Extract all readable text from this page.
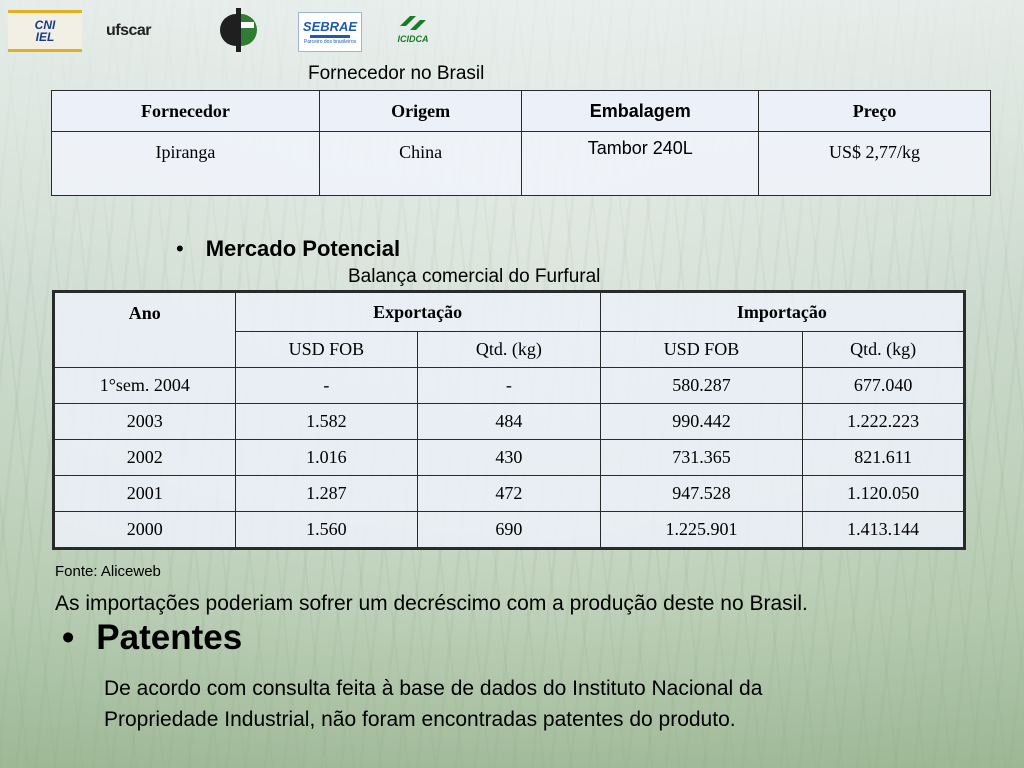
CNI
IEL	ufscar	SEBRAE
Parceiro dos brasileiros	ICIDCA
Fornecedor no Brasil
Fornecedor	Origem	Embalagem	Preço
Ipiranga	China	Tambor 240L	US$ 2,77/kg
• Mercado Potencial
Balança comercial do Furfural
Ano	Exportação		Importação	
	USD FOB	Qtd. (kg)	USD FOB	Qtd. (kg)
1°sem. 2004	-	-	580.287	677.040
2003	1.582	484	990.442	1.222.223
2002	1.016	430	731.365	821.611
2001	1.287	472	947.528	1.120.050
2000	1.560	690	1.225.901	1.413.144
Fonte: Aliceweb
As importações poderiam sofrer um decréscimo com a produção deste no Brasil.
• Patentes
De acordo com consulta feita à base de dados do Instituto Nacional da
Propriedade Industrial, não foram encontradas patentes do produto.
